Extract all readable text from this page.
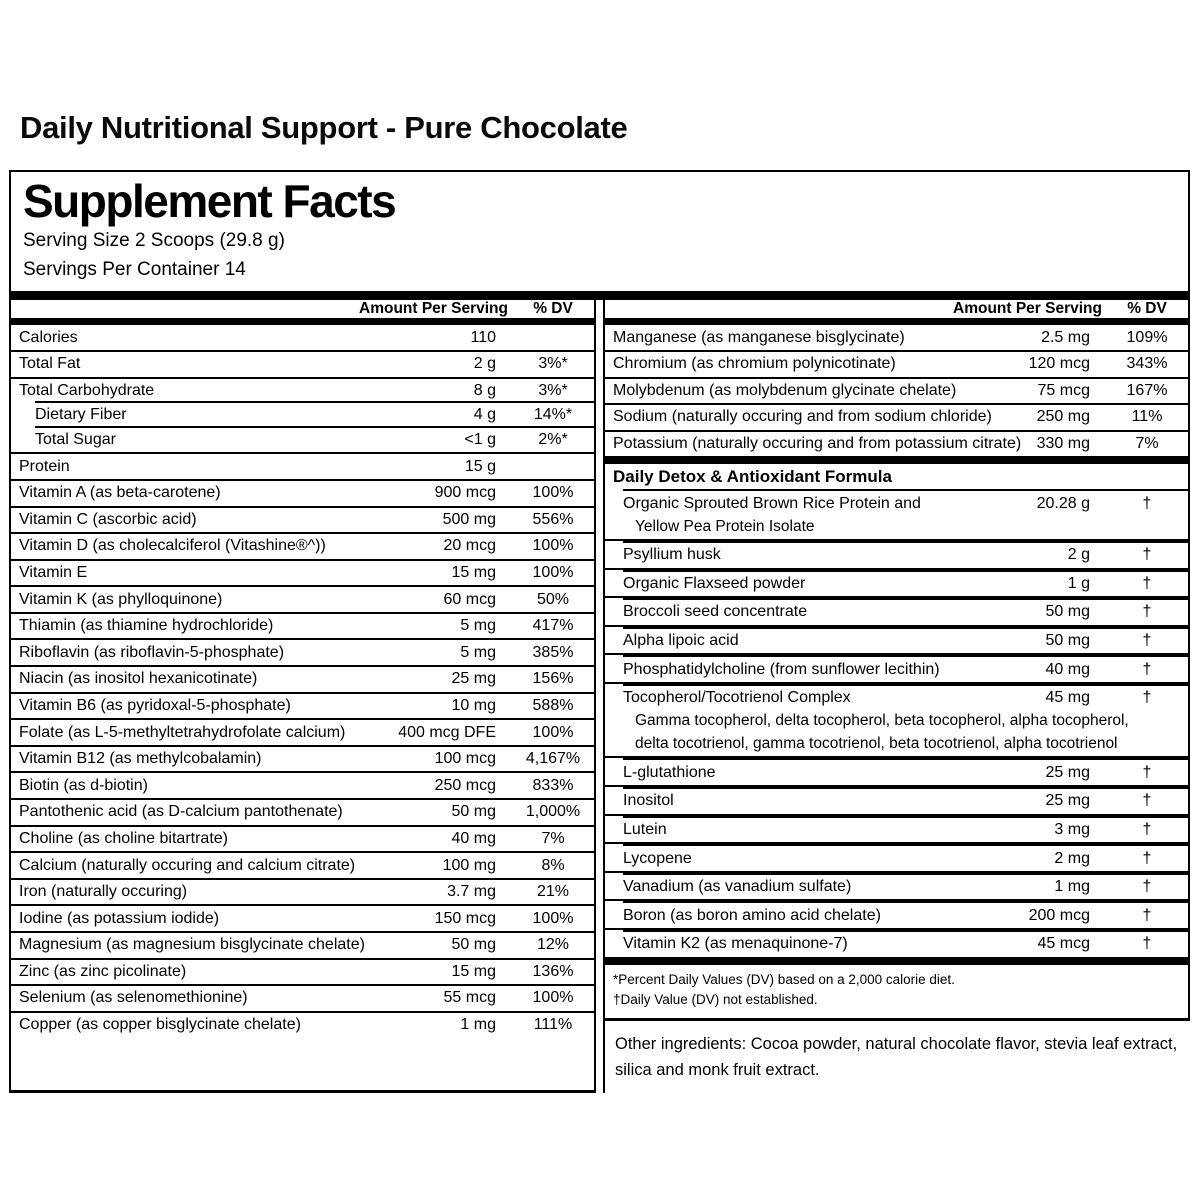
Daily Nutritional Support - Pure Chocolate
Supplement Facts
Serving Size 2 Scoops (29.8 g)
Servings Per Container 14
Amount Per Serving	% DV
Calories	110
Total Fat	2 g	3%*
Total Carbohydrate	8 g	3%*
Dietary Fiber	4 g	14%*
Total Sugar	<1 g	2%*
Protein	15 g
Vitamin A (as beta-carotene)	900 mcg	100%
Vitamin C (ascorbic acid)	500 mg	556%
Vitamin D (as cholecalciferol (Vitashine®^))	20 mcg	100%
Vitamin E	15 mg	100%
Vitamin K (as phylloquinone)	60 mcg	50%
Thiamin (as thiamine hydrochloride)	5 mg	417%
Riboflavin (as riboflavin-5-phosphate)	5 mg	385%
Niacin (as inositol hexanicotinate)	25 mg	156%
Vitamin B6 (as pyridoxal-5-phosphate)	10 mg	588%
Folate (as L-5-methyltetrahydrofolate calcium)	400 mcg DFE	100%
Vitamin B12 (as methylcobalamin)	100 mcg	4,167%
Biotin (as d-biotin)	250 mcg	833%
Pantothenic acid (as D-calcium pantothenate)	50 mg	1,000%
Choline (as choline bitartrate)	40 mg	7%
Calcium (naturally occuring and calcium citrate)	100 mg	8%
Iron (naturally occuring)	3.7 mg	21%
Iodine (as potassium iodide)	150 mcg	100%
Magnesium (as magnesium bisglycinate chelate)	50 mg	12%
Zinc (as zinc picolinate)	15 mg	136%
Selenium (as selenomethionine)	55 mcg	100%
Copper (as copper bisglycinate chelate)	1 mg	111%
Amount Per Serving	% DV
Manganese (as manganese bisglycinate)	2.5 mg	109%
Chromium (as chromium polynicotinate)	120 mcg	343%
Molybdenum (as molybdenum glycinate chelate)	75 mcg	167%
Sodium (naturally occuring and from sodium chloride)	250 mg	11%
Potassium (naturally occuring and from potassium citrate) 330 mg	7%
Daily Detox & Antioxidant Formula
Organic Sprouted Brown Rice Protein and	20.28 g	†
Yellow Pea Protein Isolate
Psyllium husk	2 g	†
Organic Flaxseed powder	1 g	†
Broccoli seed concentrate	50 mg	†
Alpha lipoic acid	50 mg	†
Phosphatidylcholine (from sunflower lecithin)	40 mg	†
Tocopherol/Tocotrienol Complex	45 mg	†
Gamma tocopherol, delta tocopherol, beta tocopherol, alpha tocopherol,
delta tocotrienol, gamma tocotrienol, beta tocotrienol, alpha tocotrienol
L-glutathione	25 mg	†
Inositol	25 mg	†
Lutein	3 mg	†
Lycopene	2 mg	†
Vanadium (as vanadium sulfate)	1 mg	†
Boron (as boron amino acid chelate)	200 mcg	†
Vitamin K2 (as menaquinone-7)	45 mcg	†
*Percent Daily Values (DV) based on a 2,000 calorie diet.
†Daily Value (DV) not established.
Other ingredients: Cocoa powder, natural chocolate flavor, stevia leaf extract, silica and monk fruit extract.
